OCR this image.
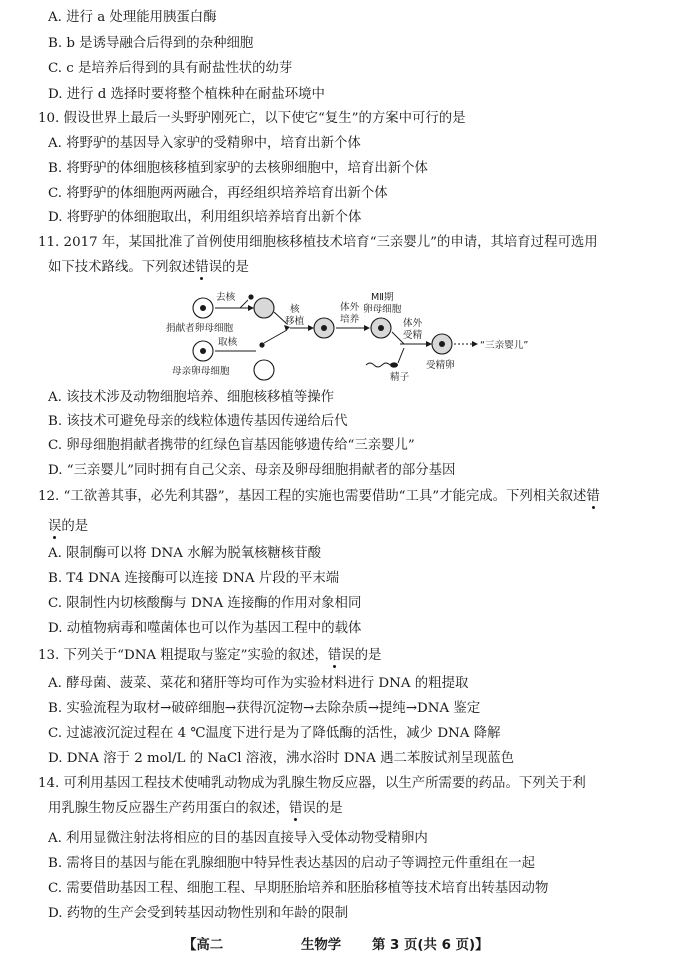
A. 进行 a 处理能用胰蛋白酶
B. b 是诱导融合后得到的杂种细胞
C. c 是培养后得到的具有耐盐性状的幼芽
D. 进行 d 选择时要将整个植株种在耐盐环境中
10. 假设世界上最后一头野驴刚死亡，以下使它“复生”的方案中可行的是
A. 将野驴的基因导入家驴的受精卵中，培育出新个体
B. 将野驴的体细胞核移植到家驴的去核卵细胞中，培育出新个体
C. 将野驴的体细胞两两融合，再经组织培养培育出新个体
D. 将野驴的体细胞取出，利用组织培养培育出新个体
11. 2017 年，某国批准了首例使用细胞核移植技术培育“三亲婴儿”的申请，其培育过程可选用
如下技术路线。下列叙述错误的是
去核
捐献者卵母细胞
取核
母亲卵母细胞
核
移植
体外
培养
MⅡ期
卵母细胞
体外
受精
精子
受精卵
“三亲婴儿”
A. 该技术涉及动物细胞培养、细胞核移植等操作
B. 该技术可避免母亲的线粒体遗传基因传递给后代
C. 卵母细胞捐献者携带的红绿色盲基因能够遗传给“三亲婴儿”
D. “三亲婴儿”同时拥有自己父亲、母亲及卵母细胞捐献者的部分基因
12. “工欲善其事，必先利其器”，基因工程的实施也需要借助“工具”才能完成。下列相关叙述错
误的是
A. 限制酶可以将 DNA 水解为脱氧核糖核苷酸
B. T4 DNA 连接酶可以连接 DNA 片段的平末端
C. 限制性内切核酸酶与 DNA 连接酶的作用对象相同
D. 动植物病毒和噬菌体也可以作为基因工程中的载体
13. 下列关于“DNA 粗提取与鉴定”实验的叙述，错误的是
A. 酵母菌、菠菜、菜花和猪肝等均可作为实验材料进行 DNA 的粗提取
B. 实验流程为取材→破碎细胞→获得沉淀物→去除杂质→提纯→DNA 鉴定
C. 过滤液沉淀过程在 4 ℃温度下进行是为了降低酶的活性，减少 DNA 降解
D. DNA 溶于 2 mol/L 的 NaCl 溶液，沸水浴时 DNA 遇二苯胺试剂呈现蓝色
14. 可利用基因工程技术使哺乳动物成为乳腺生物反应器，以生产所需要的药品。下列关于利
用乳腺生物反应器生产药用蛋白的叙述，错误的是
A. 利用显微注射法将相应的目的基因直接导入受体动物受精卵内
B. 需将目的基因与能在乳腺细胞中特异性表达基因的启动子等调控元件重组在一起
C. 需要借助基因工程、细胞工程、早期胚胎培养和胚胎移植等技术培育出转基因动物
D. 药物的生产会受到转基因动物性别和年龄的限制
【高二	生物学 第 3 页(共 6 页)】
